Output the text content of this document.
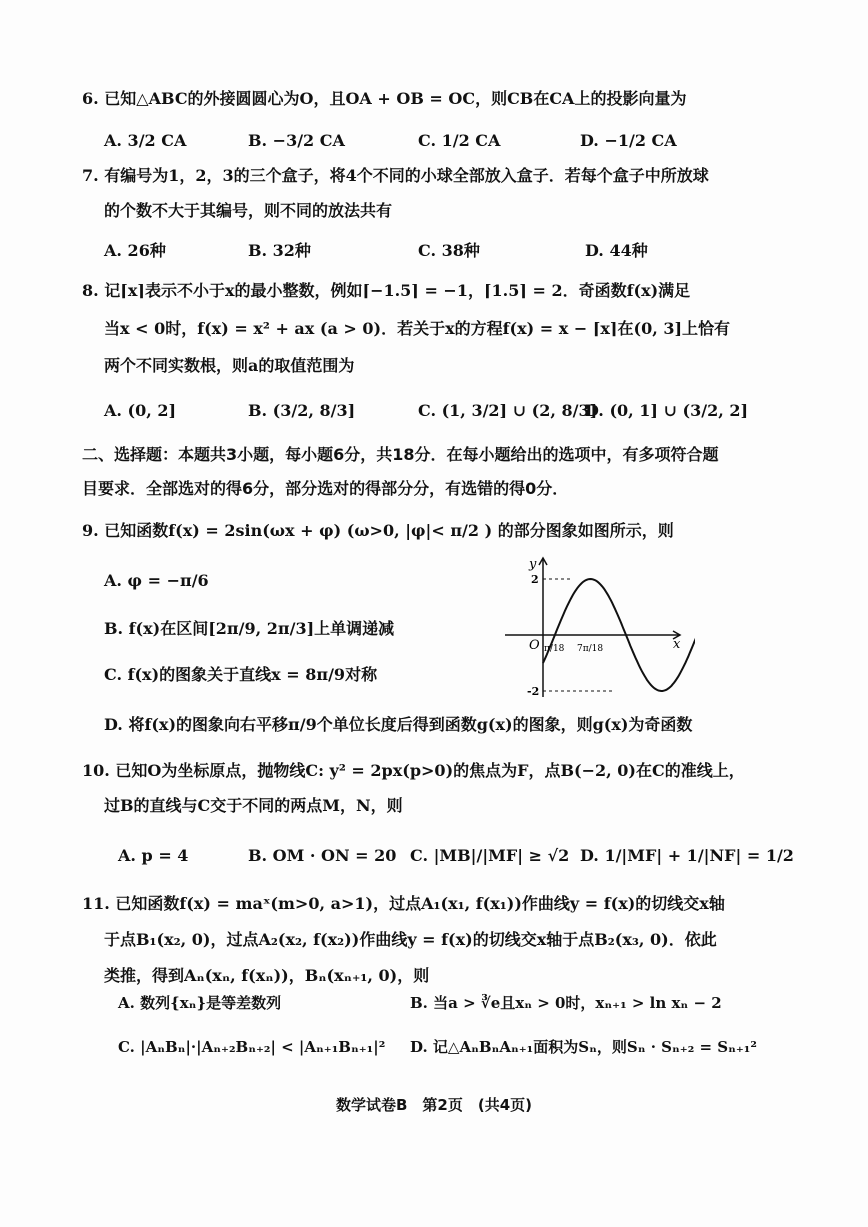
6. 已知△ABC的外接圆圆心为O，且OA + OB = OC，则CB在CA上的投影向量为
A. 3/2 CA	B. −3/2 CA	C. 1/2 CA	D. −1/2 CA
7. 有编号为1，2，3的三个盒子，将4个不同的小球全部放入盒子．若每个盒子中所放球
的个数不大于其编号，则不同的放法共有
A. 26种	B. 32种	C. 38种	D. 44种
8. 记⌈x⌉表示不小于x的最小整数，例如⌈−1.5⌉ = −1，⌈1.5⌉ = 2．奇函数f(x)满足
当x < 0时，f(x) = x² + ax (a > 0)．若关于x的方程f(x) = x − ⌈x⌉在(0, 3]上恰有
两个不同实数根，则a的取值范围为
A. (0, 2]	B. (3/2, 8/3]	C. (1, 3/2] ∪ (2, 8/3]
D. (0, 1] ∪ (3/2, 2]
二、选择题：本题共3小题，每小题6分，共18分．在每小题给出的选项中，有多项符合题
目要求．全部选对的得6分，部分选对的得部分分，有选错的得0分．
9. 已知函数f(x) = 2sin(ωx + φ) (ω>0, |φ|< π/2 ) 的部分图象如图所示，则
A. φ = −π/6
B. f(x)在区间[2π/9, 2π/3]上单调递减
C. f(x)的图象关于直线x = 8π/9对称
D. 将f(x)的图象向右平移π/9个单位长度后得到函数g(x)的图象，则g(x)为奇函数
y
x
O
2
-2
π/18 7π/18
10. 已知O为坐标原点，抛物线C: y² = 2px(p>0)的焦点为F，点B(−2, 0)在C的准线上，
过B的直线与C交于不同的两点M，N，则
A. p = 4	B. OM · ON = 20 C. |MB|/|MF| ≥ √2 D. 1/|MF| + 1/|NF| = 1/2
11. 已知函数f(x) = maˣ(m>0, a>1)，过点A₁(x₁, f(x₁))作曲线y = f(x)的切线交x轴
于点B₁(x₂, 0)，过点A₂(x₂, f(x₂))作曲线y = f(x)的切线交x轴于点B₂(x₃, 0)．依此
类推，得到Aₙ(xₙ, f(xₙ))，Bₙ(xₙ₊₁, 0)，则
A. 数列{xₙ}是等差数列	B. 当a > ∛e且xₙ > 0时，xₙ₊₁ > ln xₙ − 2
C. |AₙBₙ|·|Aₙ₊₂Bₙ₊₂| < |Aₙ₊₁Bₙ₊₁|² D. 记△AₙBₙAₙ₊₁面积为Sₙ，则Sₙ · Sₙ₊₂ = Sₙ₊₁²
数学试卷B　第2页　(共4页)
